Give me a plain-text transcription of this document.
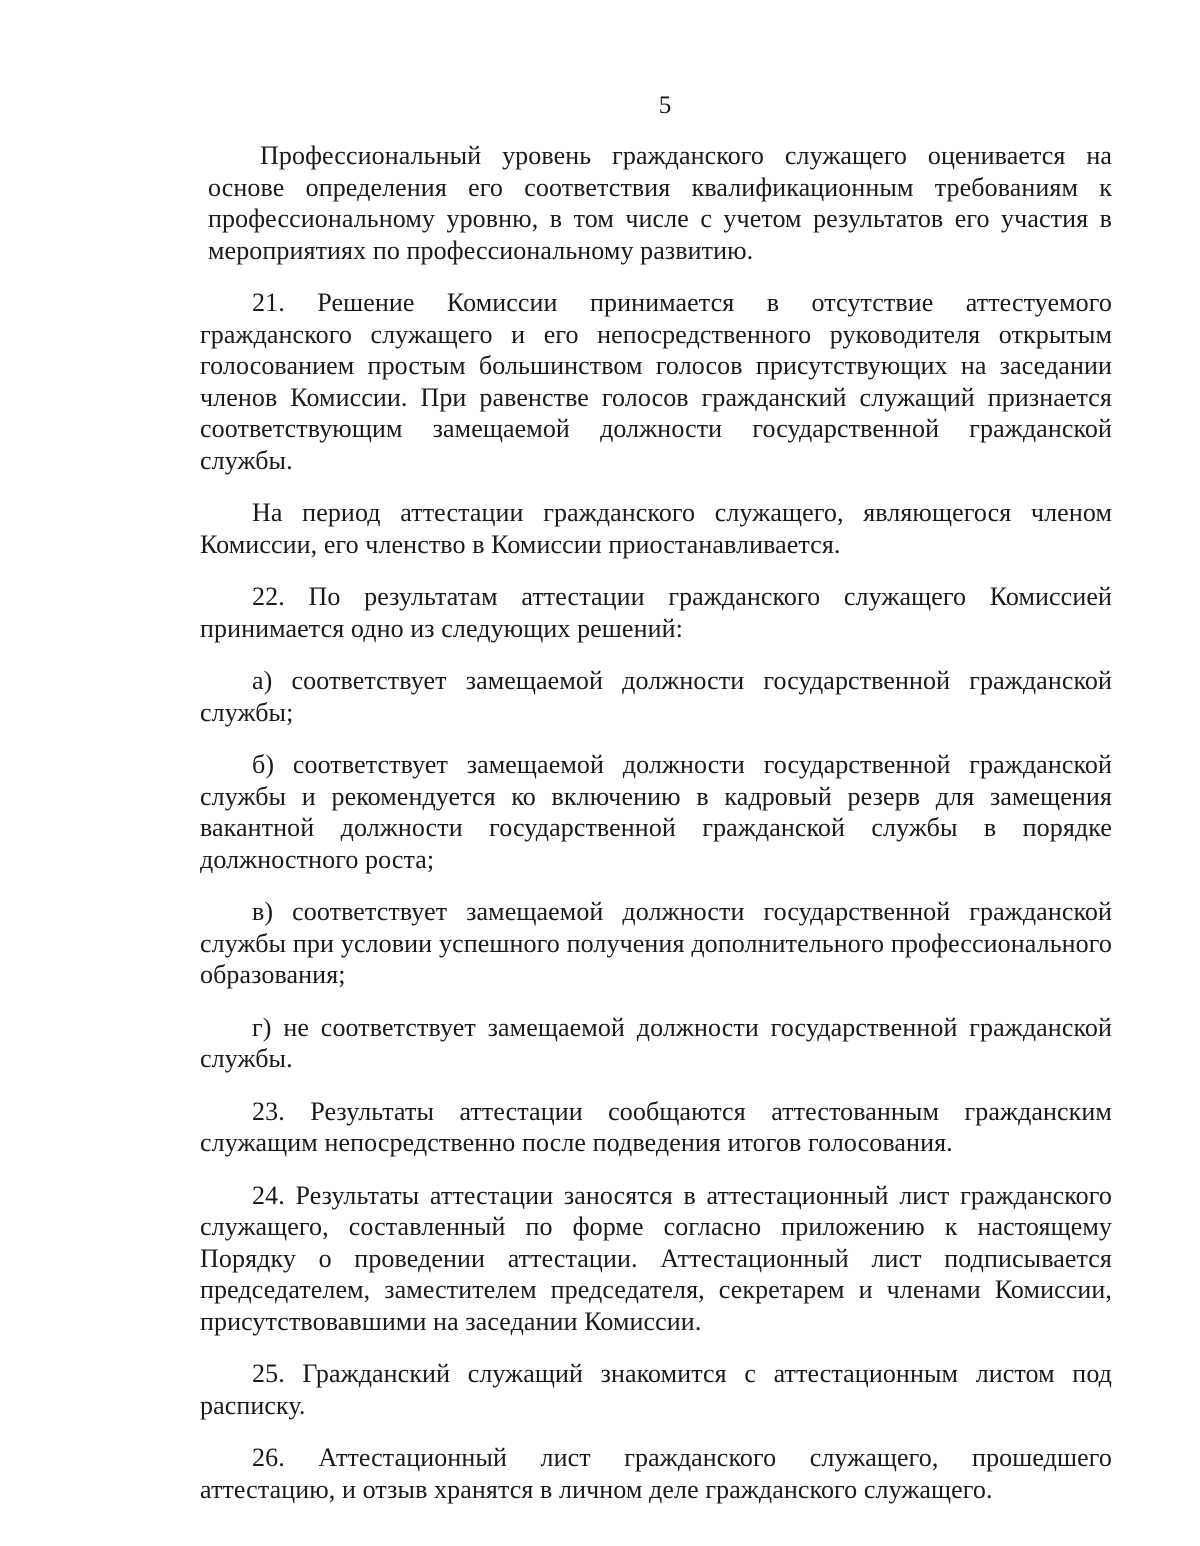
5

Профессиональный уровень гражданского служащего оценивается на основе определения его соответствия квалификационным требованиям к профессиональному уровню, в том числе с учетом результатов его участия в мероприятиях по профессиональному развитию.

21. Решение Комиссии принимается в отсутствие аттестуемого гражданского служащего и его непосредственного руководителя открытым голосованием простым большинством голосов присутствующих на заседании членов Комиссии. При равенстве голосов гражданский служащий признается соответствующим замещаемой должности государственной гражданской службы.

На период аттестации гражданского служащего, являющегося членом Комиссии, его членство в Комиссии приостанавливается.

22. По результатам аттестации гражданского служащего Комиссией принимается одно из следующих решений:

а) соответствует замещаемой должности государственной гражданской службы;

б) соответствует замещаемой должности государственной гражданской службы и рекомендуется ко включению в кадровый резерв для замещения вакантной должности государственной гражданской службы в порядке должностного роста;

в) соответствует замещаемой должности государственной гражданской службы при условии успешного получения дополнительного профессионального образования;

г) не соответствует замещаемой должности государственной гражданской службы.

23. Результаты аттестации сообщаются аттестованным гражданским служащим непосредственно после подведения итогов голосования.

24. Результаты аттестации заносятся в аттестационный лист гражданского служащего, составленный по форме согласно приложению к настоящему Порядку о проведении аттестации. Аттестационный лист подписывается председателем, заместителем председателя, секретарем и членами Комиссии, присутствовавшими на заседании Комиссии.

25. Гражданский служащий знакомится с аттестационным листом под расписку.

26. Аттестационный лист гражданского служащего, прошедшего аттестацию, и отзыв хранятся в личном деле гражданского служащего.
